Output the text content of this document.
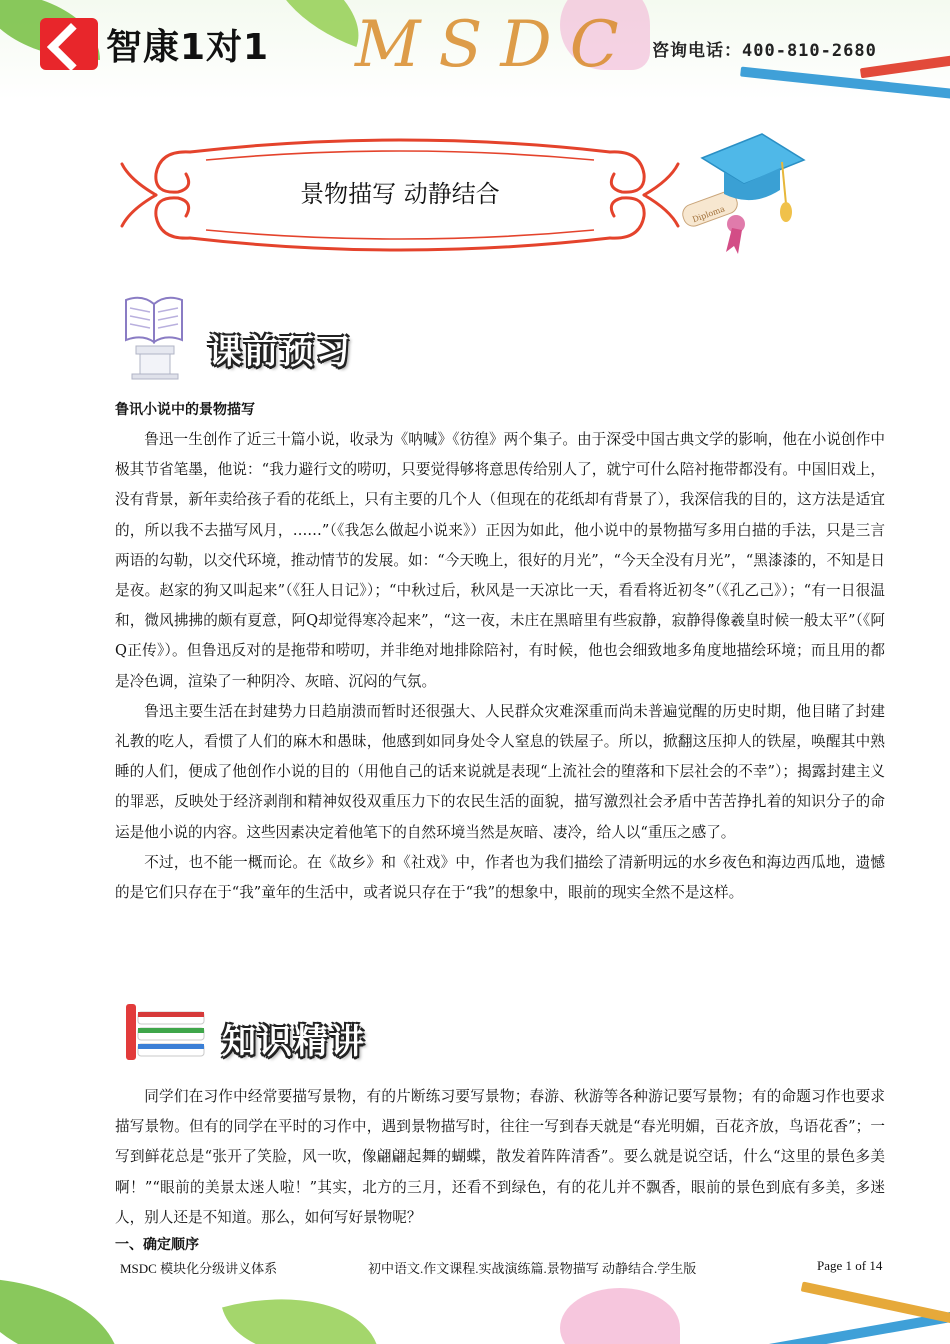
智康1对1 MSDC 咨询电话：400-810-2680
景物描写 动静结合
Diploma
课前预习
鲁讯小说中的景物描写

鲁迅一生创作了近三十篇小说，收录为《呐喊》《彷徨》两个集子。由于深受中国古典文学的影响，他在小说创作中极其节省笔墨，他说：“我力避行文的唠叨，只要觉得够将意思传给别人了，就宁可什么陪衬拖带都没有。中国旧戏上，没有背景，新年卖给孩子看的花纸上，只有主要的几个人（但现在的花纸却有背景了），我深信我的目的，这方法是适宜的，所以我不去描写风月，……”（《我怎么做起小说来》）正因为如此，他小说中的景物描写多用白描的手法，只是三言两语的勾勒，以交代环境，推动情节的发展。如：“今天晚上，很好的月光”，“今天全没有月光”，“黑漆漆的，不知是日是夜。赵家的狗又叫起来”（《狂人日记》）；“中秋过后，秋风是一天凉比一天，看看将近初冬”（《孔乙己》）；“有一日很温和，微风拂拂的颇有夏意，阿Q却觉得寒冷起来”，“这一夜，未庄在黑暗里有些寂静，寂静得像羲皇时候一般太平”（《阿Q正传》）。但鲁迅反对的是拖带和唠叨，并非绝对地排除陪衬，有时候，他也会细致地多角度地描绘环境；而且用的都是冷色调，渲染了一种阴冷、灰暗、沉闷的气氛。

鲁迅主要生活在封建势力日趋崩溃而暂时还很强大、人民群众灾难深重而尚未普遍觉醒的历史时期，他目睹了封建礼教的吃人，看惯了人们的麻木和愚昧，他感到如同身处令人窒息的铁屋子。所以，掀翻这压抑人的铁屋，唤醒其中熟睡的人们，便成了他创作小说的目的（用他自己的话来说就是表现“上流社会的堕落和下层社会的不幸”）；揭露封建主义的罪恶，反映处于经济剥削和精神奴役双重压力下的农民生活的面貌，描写激烈社会矛盾中苦苦挣扎着的知识分子的命运是他小说的内容。这些因素决定着他笔下的自然环境当然是灰暗、凄冷，给人以“重压之感了。

不过，也不能一概而论。在《故乡》和《社戏》中，作者也为我们描绘了清新明远的水乡夜色和海边西瓜地，遗憾的是它们只存在于“我”童年的生活中，或者说只存在于“我”的想象中，眼前的现实全然不是这样。

知识精讲

同学们在习作中经常要描写景物，有的片断练习要写景物；春游、秋游等各种游记要写景物；有的命题习作也要求描写景物。但有的同学在平时的习作中，遇到景物描写时，往往一写到春天就是“春光明媚，百花齐放，鸟语花香”；一写到鲜花总是“张开了笑脸，风一吹，像翩翩起舞的蝴蝶，散发着阵阵清香”。要么就是说空话，什么“这里的景色多美啊！”“眼前的美景太迷人啦！”其实，北方的三月，还看不到绿色，有的花儿并不飘香，眼前的景色到底有多美，多迷人，别人还是不知道。那么，如何写好景物呢？

一、确定顺序
MSDC 模块化分级讲义体系	初中语文.作文课程.实战演练篇.景物描写 动静结合.学生版	Page 1 of 14
